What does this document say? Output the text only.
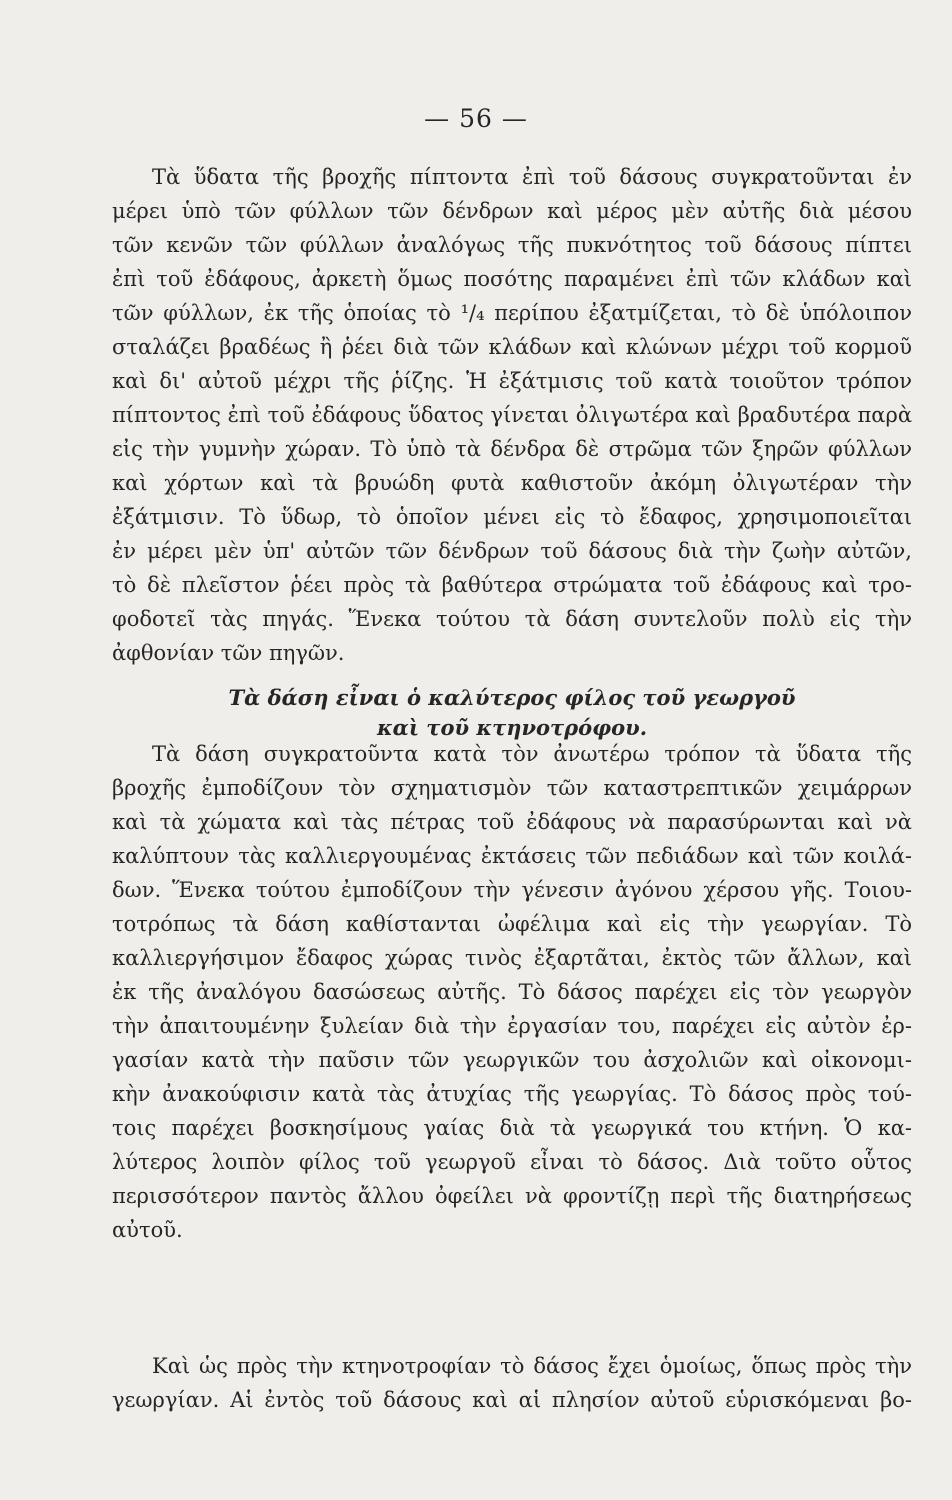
— 56 —
Τὰ ὕδατα τῆς βροχῆς πίπτοντα ἐπὶ τοῦ δάσους συγκρατοῦνται ἐν
μέρει ὑπὸ τῶν φύλλων τῶν δένδρων καὶ μέρος μὲν αὐτῆς διὰ μέσου
τῶν κενῶν τῶν φύλλων ἀναλόγως τῆς πυκνότητος τοῦ δάσους πίπτει
ἐπὶ τοῦ ἐδάφους, ἀρκετὴ ὅμως ποσότης παραμένει ἐπὶ τῶν κλάδων καὶ
τῶν φύλλων, ἐκ τῆς ὁποίας τὸ ¹/₄ περίπου ἐξατμίζεται, τὸ δὲ ὑπόλοιπον
σταλάζει βραδέως ἢ ῥέει διὰ τῶν κλάδων καὶ κλώνων μέχρι τοῦ κορμοῦ
καὶ δι' αὐτοῦ μέχρι τῆς ῥίζης. Ἡ ἐξάτμισις τοῦ κατὰ τοιοῦτον τρόπον
πίπτοντος ἐπὶ τοῦ ἐδάφους ὕδατος γίνεται ὀλιγωτέρα καὶ βραδυτέρα παρὰ
εἰς τὴν γυμνὴν χώραν. Τὸ ὑπὸ τὰ δένδρα δὲ στρῶμα τῶν ξηρῶν φύλλων
καὶ χόρτων καὶ τὰ βρυώδη φυτὰ καθιστοῦν ἀκόμη ὀλιγωτέραν τὴν
ἐξάτμισιν. Τὸ ὕδωρ, τὸ ὁποῖον μένει εἰς τὸ ἔδαφος, χρησιμοποιεῖται
ἐν μέρει μὲν ὑπ' αὐτῶν τῶν δένδρων τοῦ δάσους διὰ τὴν ζωὴν αὐτῶν,
τὸ δὲ πλεῖστον ῥέει πρὸς τὰ βαθύτερα στρώματα τοῦ ἐδάφους καὶ τρο-
φοδοτεῖ τὰς πηγάς. Ἕνεκα τούτου τὰ δάση συντελοῦν πολὺ εἰς τὴν
ἀφθονίαν τῶν πηγῶν.
Τὰ δάση εἶναι ὁ καλύτερος φίλος τοῦ γεωργοῦ
καὶ τοῦ κτηνοτρόφου.
Τὰ δάση συγκρατοῦντα κατὰ τὸν ἀνωτέρω τρόπον τὰ ὕδατα τῆς
βροχῆς ἐμποδίζουν τὸν σχηματισμὸν τῶν καταστρεπτικῶν χειμάρρων
καὶ τὰ χώματα καὶ τὰς πέτρας τοῦ ἐδάφους νὰ παρασύρωνται καὶ νὰ
καλύπτουν τὰς καλλιεργουμένας ἐκτάσεις τῶν πεδιάδων καὶ τῶν κοιλά-
δων. Ἕνεκα τούτου ἐμποδίζουν τὴν γένεσιν ἀγόνου χέρσου γῆς. Τοιου-
τοτρόπως τὰ δάση καθίστανται ὠφέλιμα καὶ εἰς τὴν γεωργίαν. Τὸ
καλλιεργήσιμον ἔδαφος χώρας τινὸς ἐξαρτᾶται, ἐκτὸς τῶν ἄλλων, καὶ
ἐκ τῆς ἀναλόγου δασώσεως αὐτῆς. Τὸ δάσος παρέχει εἰς τὸν γεωργὸν
τὴν ἀπαιτουμένην ξυλείαν διὰ τὴν ἐργασίαν του, παρέχει εἰς αὐτὸν ἐρ-
γασίαν κατὰ τὴν παῦσιν τῶν γεωργικῶν του ἀσχολιῶν καὶ οἰκονομι-
κὴν ἀνακούφισιν κατὰ τὰς ἀτυχίας τῆς γεωργίας. Τὸ δάσος πρὸς τού-
τοις παρέχει βοσκησίμους γαίας διὰ τὰ γεωργικά του κτήνη. Ὁ κα-
λύτερος λοιπὸν φίλος τοῦ γεωργοῦ εἶναι τὸ δάσος. Διὰ τοῦτο οὗτος
περισσότερον παντὸς ἄλλου ὀφείλει νὰ φροντίζῃ περὶ τῆς διατηρήσεως
αὐτοῦ.
Καὶ ὡς πρὸς τὴν κτηνοτροφίαν τὸ δάσος ἔχει ὁμοίως, ὅπως πρὸς τὴν
γεωργίαν. Αἱ ἐντὸς τοῦ δάσους καὶ αἱ πλησίον αὐτοῦ εὑρισκόμεναι βο-
